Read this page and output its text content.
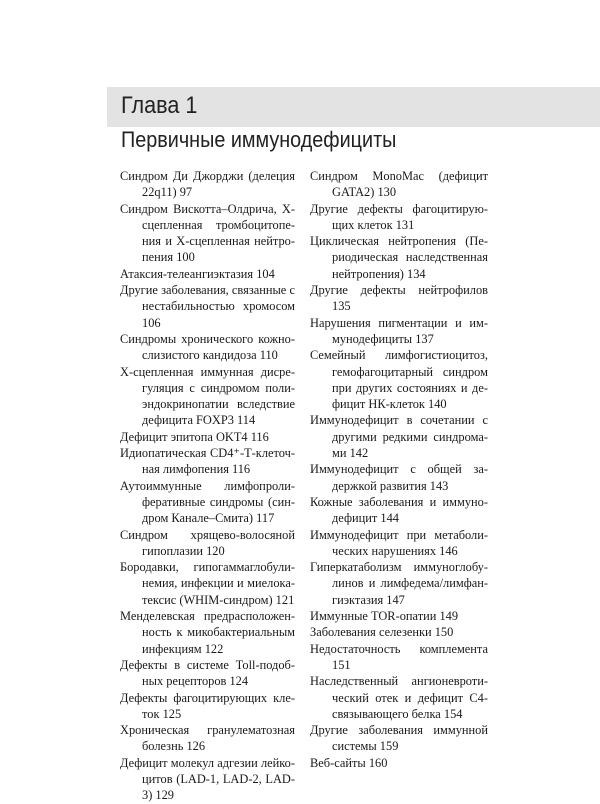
Глава 1
Первичные иммунодефициты
Синдром Ди Джорджи (делеция 22q11) 97
Синдром Вискотта–Олдрича, X-сцепленная тромбоцитопения и X-сцепленная нейтропения 100
Атаксия-телеангиэктазия 104
Другие заболевания, связанные с нестабильностью хромосом 106
Синдромы хронического кожнослизистого кандидоза 110
X-сцепленная иммунная дисрегуляция с синдромом полиэндокринопатии вследствие дефицита FOXP3 114
Дефицит эпитопа OKT4 116
Идиопатическая CD4⁺-Т-клеточная лимфопения 116
Аутоиммунные лимфопролиферативные синдромы (синдром Канале–Смита) 117
Синдром хрящево-волосяной гипоплазии 120
Бородавки, гипогаммаглобулинемия, инфекции и миелокатексис (WHIM-синдром) 121
Менделевская предрасположенность к микобактериальным инфекциям 122
Дефекты в системе Toll-подобных рецепторов 124
Дефекты фагоцитирующих клеток 125
Хроническая гранулематозная болезнь 126
Дефицит молекул адгезии лейкоцитов (LAD-1, LAD-2, LAD-3) 129
Синдром MonoMac (дефицит GATA2) 130
Другие дефекты фагоцитирующих клеток 131
Циклическая нейтропения (Периодическая наследственная нейтропения) 134
Другие дефекты нейтрофилов 135
Нарушения пигментации и иммунодефициты 137
Семейный лимфогистиоцитоз, гемофагоцитарный синдром при других состояниях и дефицит НК-клеток 140
Иммунодефицит в сочетании с другими редкими синдромами 142
Иммунодефицит с общей задержкой развития 143
Кожные заболевания и иммунодефицит 144
Иммунодефицит при метаболических нарушениях 146
Гиперкатаболизм иммуноглобулинов и лимфедема/лимфангиэктазия 147
Иммунные TOR-опатии 149
Заболевания селезенки 150
Недостаточность комплемента 151
Наследственный ангионевротический отек и дефицит C4-связывающего белка 154
Другие заболевания иммунной системы 159
Веб-сайты 160
